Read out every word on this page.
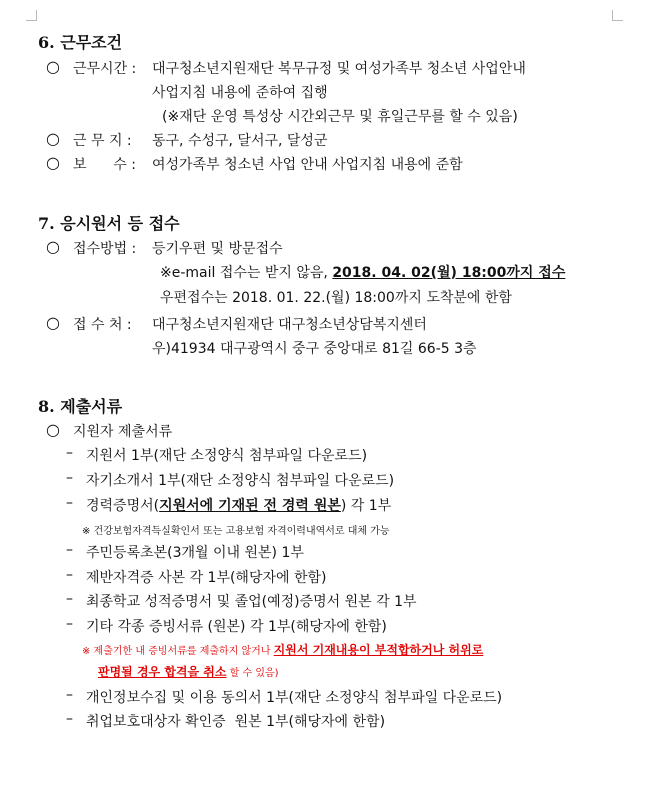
6. 근무조건
○ 근무시간 : 대구청소년지원재단 복무규정 및 여성가족부 청소년 사업안내
사업지침 내용에 준하여 집행
(※재단 운영 특성상 시간외근무 및 휴일근무를 할 수 있음)
○ 근 무 지 : 동구, 수성구, 달서구, 달성군
○ 보      수 : 여성가족부 청소년 사업 안내 사업지침 내용에 준함
7. 응시원서 등 접수
○ 접수방법 : 등기우편 및 방문접수
※e-mail 접수는 받지 않음, 2018. 04. 02(월) 18:00까지 접수
우편접수는 2018. 01. 22.(월) 18:00까지 도착분에 한함
○ 접 수 처 : 대구청소년지원재단 대구청소년상담복지센터
우)41934 대구광역시 중구 중앙대로 81길 66-5 3층
8. 제출서류
○ 지원자 제출서류
– 지원서 1부(재단 소정양식 첨부파일 다운로드)
– 자기소개서 1부(재단 소정양식 첨부파일 다운로드)
– 경력증명서(지원서에 기재된 전 경력 원본) 각 1부
※ 건강보험자격득실확인서 또는 고용보험 자격이력내역서로 대체 가능
– 주민등록초본(3개월 이내 원본) 1부
– 제반자격증 사본 각 1부(해당자에 한함)
– 최종학교 성적증명서 및 졸업(예정)증명서 원본 각 1부
– 기타 각종 증빙서류 (원본) 각 1부(해당자에 한함)
※ 제출기한 내 증빙서류를 제출하지 않거나 지원서 기재내용이 부적합하거나 허위로
판명될 경우 합격을 취소 할 수 있음)
– 개인정보수집 및 이용 동의서 1부(재단 소정양식 첨부파일 다운로드)
– 취업보호대상자 확인증  원본 1부(해당자에 한함)
